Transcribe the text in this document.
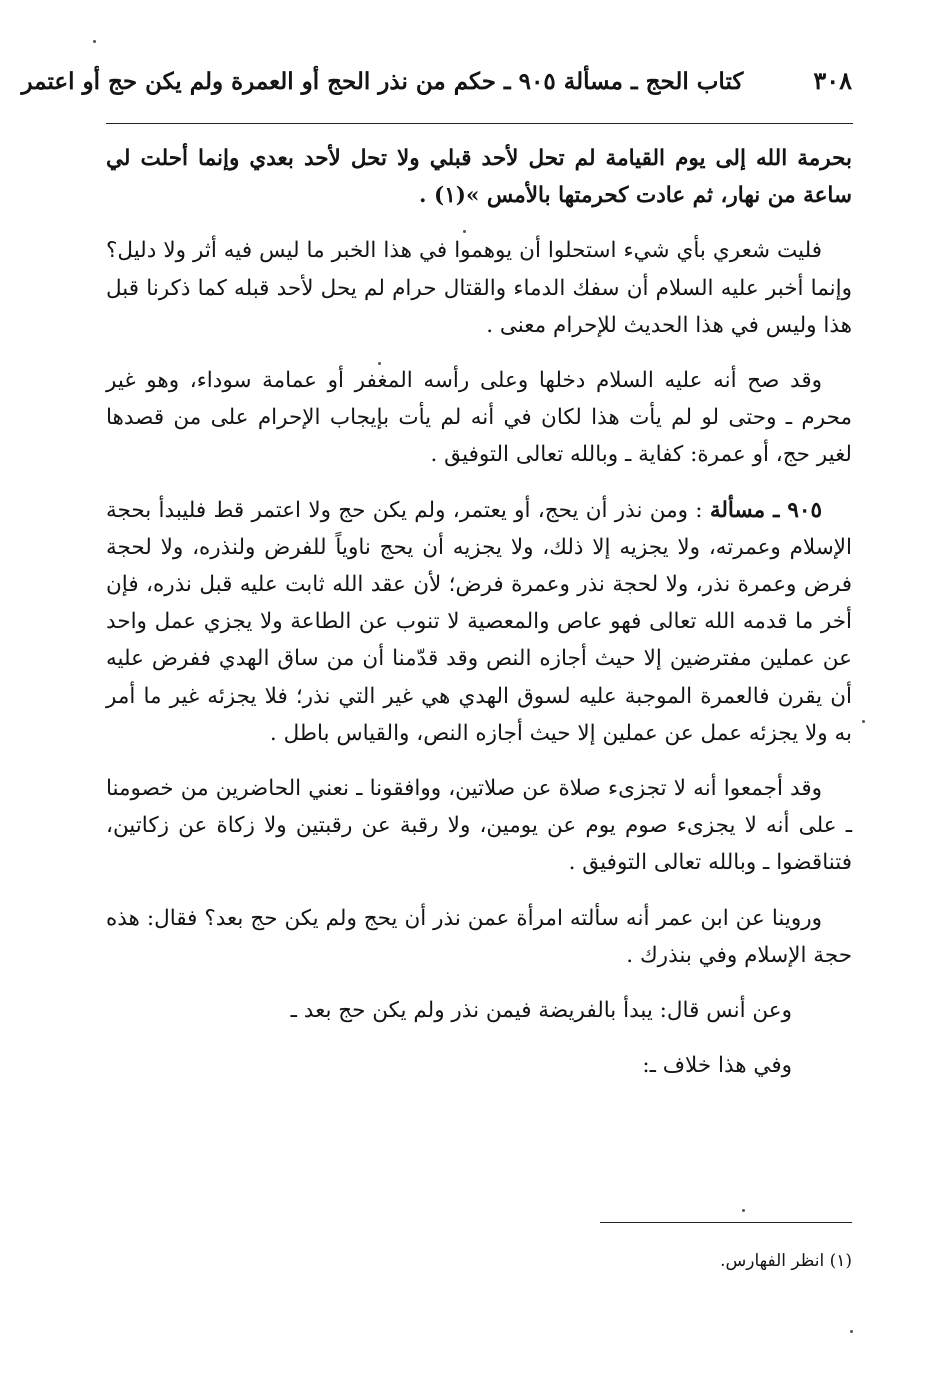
٣٠٨
كتاب الحج ـ مسألة ٩٠٥ ـ حكم من نذر الحج أو العمرة ولم يكن حج أو اعتمر

بحرمة الله إلى يوم القيامة لم تحل لأحد قبلي ولا تحل لأحد بعدي وإنما أحلت لي ساعة من نهار، ثم عادت كحرمتها بالأمس »(١) .

فليت شعري بأي شيء استحلوا أن يوهموا في هذا الخبر ما ليس فيه أثر ولا دليل؟ وإنما أخبر عليه السلام أن سفك الدماء والقتال حرام لم يحل لأحد قبله كما ذكرنا قبل هذا وليس في هذا الحديث للإحرام معنى .

وقد صح أنه عليه السلام دخلها وعلى رأسه المغفر أو عمامة سوداء، وهو غير محرم ـ وحتى لو لم يأت هذا لكان في أنه لم يأت بإيجاب الإحرام على من قصدها لغير حج، أو عمرة: كفاية ـ وبالله تعالى التوفيق .

٩٠٥ ـ مسألة : ومن نذر أن يحج، أو يعتمر، ولم يكن حج ولا اعتمر قط فليبدأ بحجة الإسلام وعمرته، ولا يجزيه إلا ذلك، ولا يجزيه أن يحج ناوياً للفرض ولنذره، ولا لحجة فرض وعمرة نذر، ولا لحجة نذر وعمرة فرض؛ لأن عقد الله ثابت عليه قبل نذره، فإن أخر ما قدمه الله تعالى فهو عاص والمعصية لا تنوب عن الطاعة ولا يجزي عمل واحد عن عملين مفترضين إلا حيث أجازه النص وقد قدّمنا أن من ساق الهدي ففرض عليه أن يقرن فالعمرة الموجبة عليه لسوق الهدي هي غير التي نذر؛ فلا يجزئه غير ما أمر به ولا يجزئه عمل عن عملين إلا حيث أجازه النص، والقياس باطل .

وقد أجمعوا أنه لا تجزىء صلاة عن صلاتين، ووافقونا ـ نعني الحاضرين من خصومنا ـ على أنه لا يجزىء صوم يوم عن يومين، ولا رقبة عن رقبتين ولا زكاة عن زكاتين، فتناقضوا ـ وبالله تعالى التوفيق .

وروينا عن ابن عمر أنه سألته امرأة عمن نذر أن يحج ولم يكن حج بعد؟ فقال: هذه حجة الإسلام وفي بنذرك .

وعن أنس قال: يبدأ بالفريضة فيمن نذر ولم يكن حج بعد ـ

وفي هذا خلاف ـ:

(١) انظر الفهارس.
